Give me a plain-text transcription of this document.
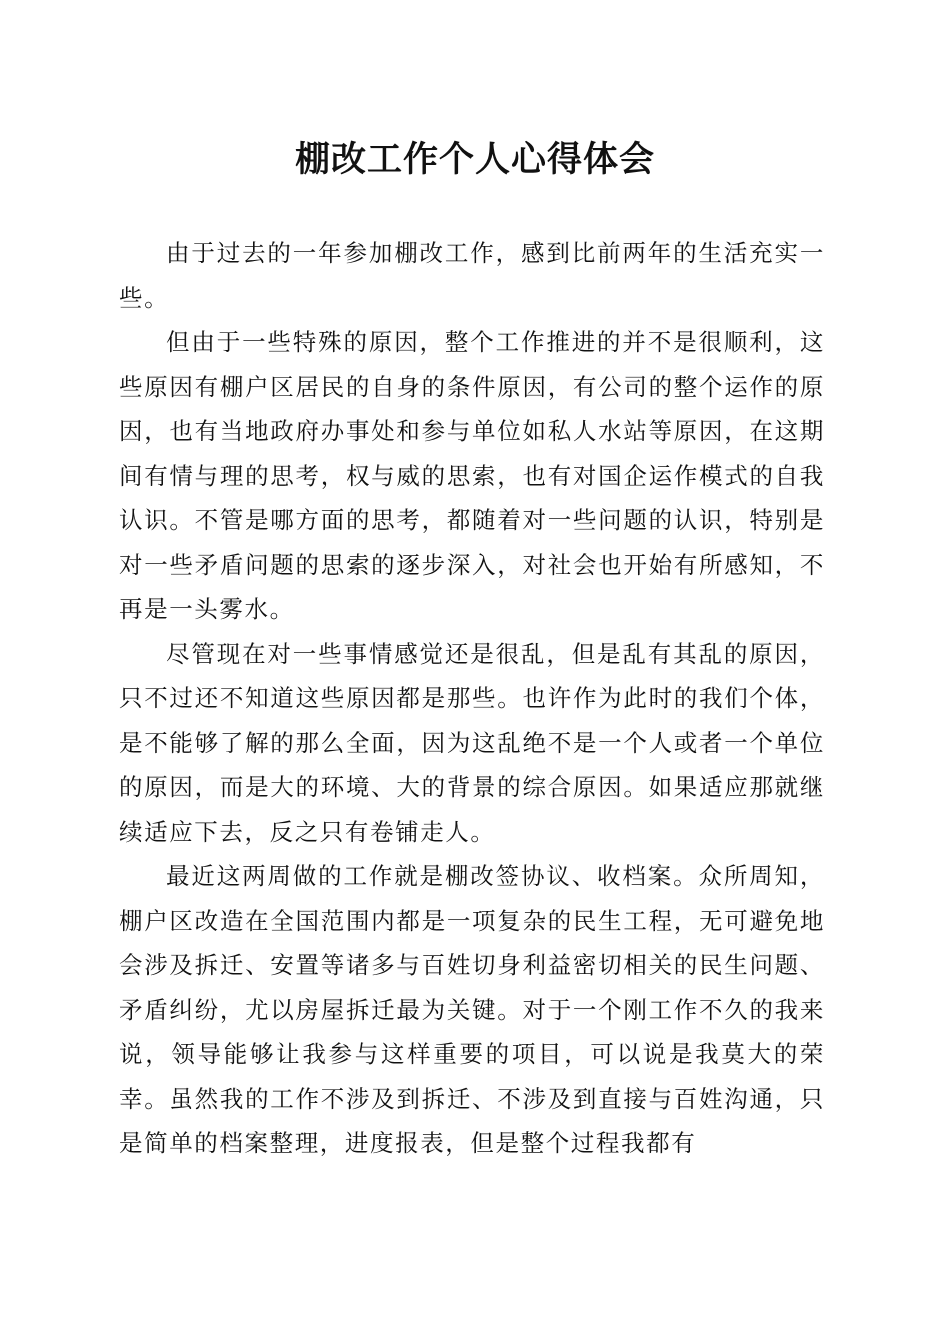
棚改工作个人心得体会

由于过去的一年参加棚改工作，感到比前两年的生活充实一些。

但由于一些特殊的原因，整个工作推进的并不是很顺利，这些原因有棚户区居民的自身的条件原因，有公司的整个运作的原因，也有当地政府办事处和参与单位如私人水站等原因，在这期间有情与理的思考，权与威的思索，也有对国企运作模式的自我认识。不管是哪方面的思考，都随着对一些问题的认识，特别是对一些矛盾问题的思索的逐步深入，对社会也开始有所感知，不再是一头雾水。

尽管现在对一些事情感觉还是很乱，但是乱有其乱的原因，只不过还不知道这些原因都是那些。也许作为此时的我们个体，是不能够了解的那么全面，因为这乱绝不是一个人或者一个单位的原因，而是大的环境、大的背景的综合原因。如果适应那就继续适应下去，反之只有卷铺走人。

最近这两周做的工作就是棚改签协议、收档案。众所周知，棚户区改造在全国范围内都是一项复杂的民生工程，无可避免地会涉及拆迁、安置等诸多与百姓切身利益密切相关的民生问题、矛盾纠纷，尤以房屋拆迁最为关键。对于一个刚工作不久的我来说，领导能够让我参与这样重要的项目，可以说是我莫大的荣幸。虽然我的工作不涉及到拆迁、不涉及到直接与百姓沟通，只是简单的档案整理，进度报表，但是整个过程我都有
